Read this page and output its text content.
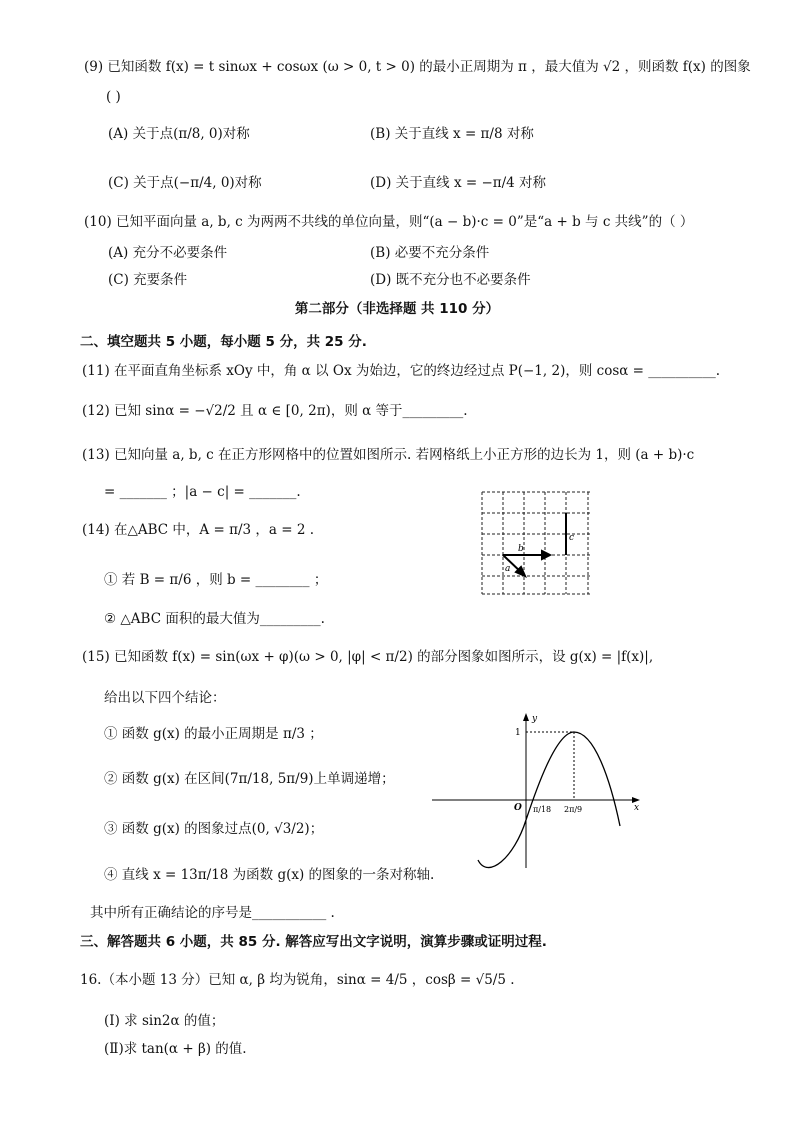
(9) 已知函数 f(x) = t sinωx + cosωx (ω > 0, t > 0) 的最小正周期为 π ，最大值为 √2 ，则函数 f(x) 的图象
( )
(A) 关于点(π/8, 0)对称	(B) 关于直线 x = π/8 对称
(C) 关于点(−π/4, 0)对称	(D) 关于直线 x = −π/4 对称
(10) 已知平面向量 a, b, c 为两两不共线的单位向量，则“(a − b)·c = 0”是“a + b 与 c 共线”的（ ）
(A) 充分不必要条件	(B) 必要不充分条件
(C) 充要条件	(D) 既不充分也不必要条件
第二部分（非选择题 共 110 分）
二、填空题共 5 小题，每小题 5 分，共 25 分.
(11) 在平面直角坐标系 xOy 中，角 α 以 Ox 为始边，它的终边经过点 P(−1, 2)，则 cosα = __________.
(12) 已知 sinα = −√2/2 且 α ∈ [0, 2π)，则 α 等于_________.
(13) 已知向量 a, b, c 在正方形网格中的位置如图所示. 若网格纸上小正方形的边长为 1，则 (a + b)·c
= _______ ；|a − c| = _______.
(14) 在△ABC 中，A = π/3 ，a = 2 .
① 若 B = π/6 ，则 b = ________ ；
② △ABC 面积的最大值为_________.
b
a
c
(15) 已知函数 f(x) = sin(ωx + φ)(ω > 0, |φ| < π/2) 的部分图象如图所示，设 g(x) = |f(x)|,
给出以下四个结论：
① 函数 g(x) 的最小正周期是 π/3 ；
② 函数 g(x) 在区间(7π/18, 5π/9)上单调递增；
③ 函数 g(x) 的图象过点(0, √3/2)；
④ 直线 x = 13π/18 为函数 g(x) 的图象的一条对称轴.
其中所有正确结论的序号是___________ .
y
x
O
1
π/18 2π/9
三、解答题共 6 小题，共 85 分. 解答应写出文字说明，演算步骤或证明过程.
16.（本小题 13 分）已知 α, β 均为锐角，sinα = 4/5 ，cosβ = √5/5 .
(Ⅰ) 求 sin2α 的值；
(Ⅱ)求 tan(α + β) 的值.
